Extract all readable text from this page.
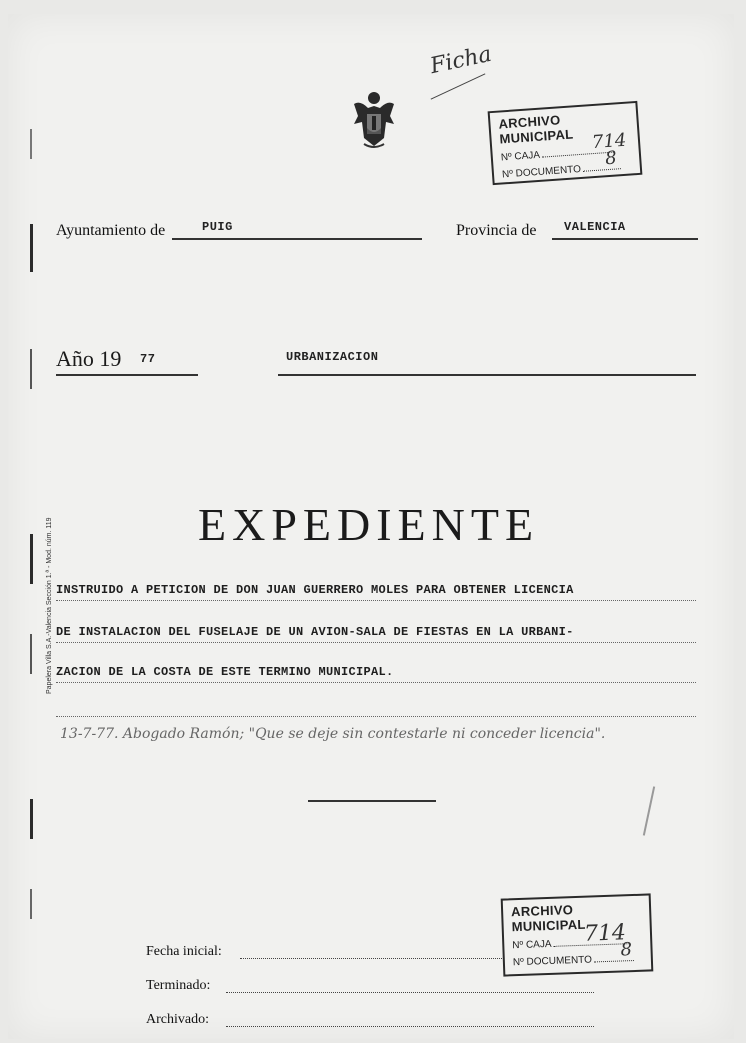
Ficha
ARCHIVO MUNICIPAL
Nº CAJA
714
Nº DOCUMENTO
8
Ayuntamiento de	PUIG	Provincia de VALENCIA
Año 19 77	URBANIZACION
Papelera Villa S.A.-Valencia Sección 1.ª - Mod. núm. 119	EXPEDIENTE
INSTRUIDO A PETICION DE DON JUAN GUERRERO MOLES PARA OBTENER LICENCIA
DE INSTALACION DEL FUSELAJE DE UN AVION-SALA DE FIESTAS EN LA URBANI-
ZACION DE LA COSTA DE ESTE TERMINO MUNICIPAL.
13-7-77. Abogado Ramón; "Que se deje sin contestarle ni conceder licencia".
ARCHIVO MUNICIPAL
Nº CAJA 714
Nº DOCUMENTO
8
Fecha inicial:
Terminado:
Archivado:
